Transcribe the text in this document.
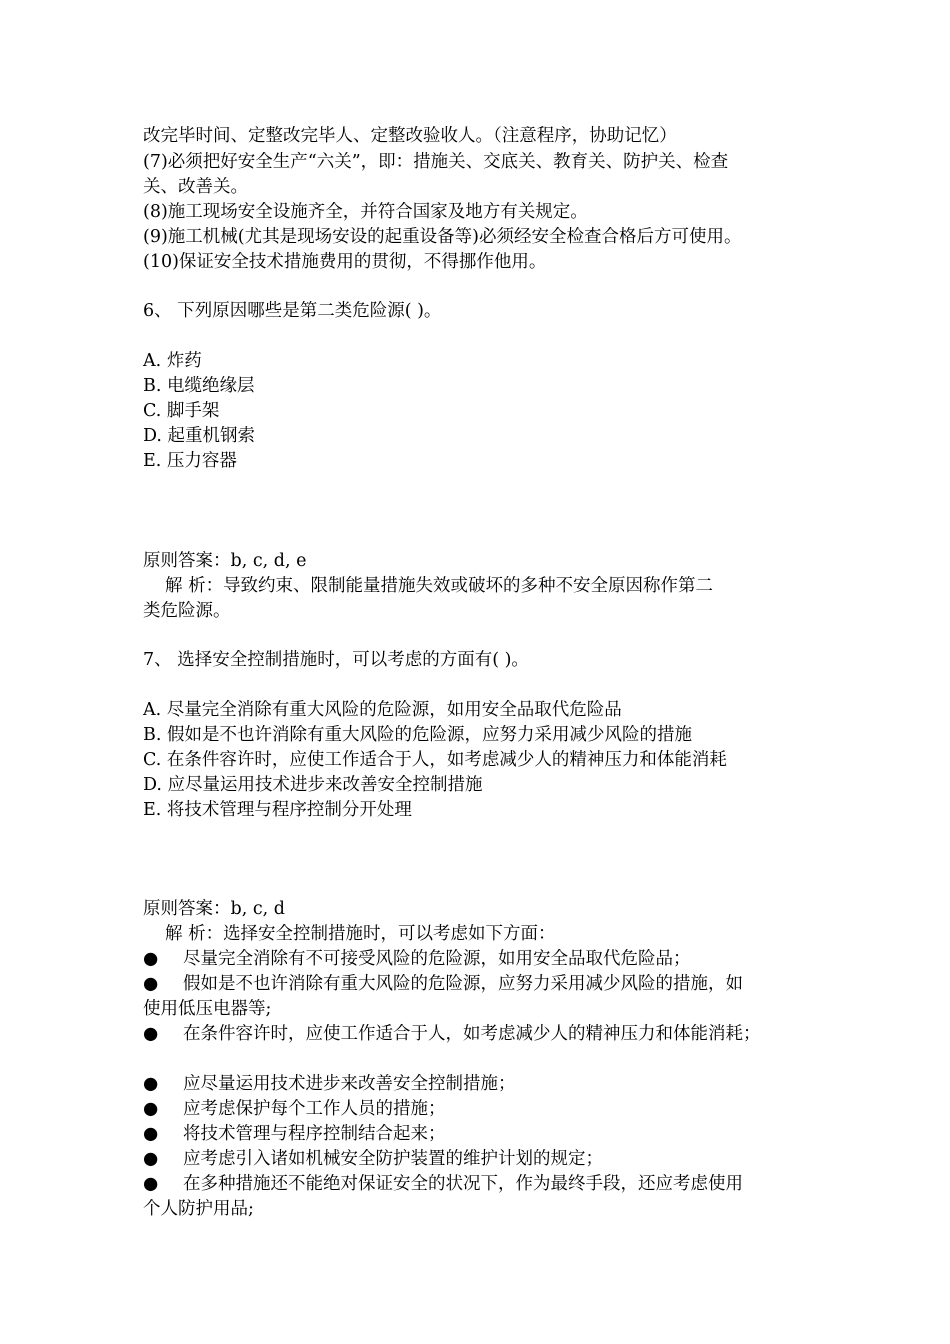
改完毕时间、定整改完毕人、定整改验收人。（注意程序，协助记忆）
(7)必须把好安全生产“六关”，即：措施关、交底关、教育关、防护关、检查
关、改善关。
(8)施工现场安全设施齐全，并符合国家及地方有关规定。
(9)施工机械(尤其是现场安设的起重设备等)必须经安全检查合格后方可使用。
(10)保证安全技术措施费用的贯彻，不得挪作他用。
6、 下列原因哪些是第二类危险源( )。
A. 炸药
B. 电缆绝缘层
C. 脚手架
D. 起重机钢索
E. 压力容器
原则答案：b, c, d, e
解 析：导致约束、限制能量措施失效或破坏的多种不安全原因称作第二
类危险源。
7、 选择安全控制措施时，可以考虑的方面有( )。
A. 尽量完全消除有重大风险的危险源，如用安全品取代危险品
B. 假如是不也许消除有重大风险的危险源，应努力采用减少风险的措施
C. 在条件容许时，应使工作适合于人，如考虑减少人的精神压力和体能消耗
D. 应尽量运用技术进步来改善安全控制措施
E. 将技术管理与程序控制分开处理
原则答案：b, c, d
解 析：选择安全控制措施时，可以考虑如下方面：
● 尽量完全消除有不可接受风险的危险源，如用安全品取代危险品；
● 假如是不也许消除有重大风险的危险源，应努力采用减少风险的措施，如
使用低压电器等;
● 在条件容许时，应使工作适合于人，如考虑减少人的精神压力和体能消耗；
● 应尽量运用技术进步来改善安全控制措施；
● 应考虑保护每个工作人员的措施；
● 将技术管理与程序控制结合起来；
● 应考虑引入诸如机械安全防护装置的维护计划的规定；
● 在多种措施还不能绝对保证安全的状况下，作为最终手段，还应考虑使用
个人防护用品;
